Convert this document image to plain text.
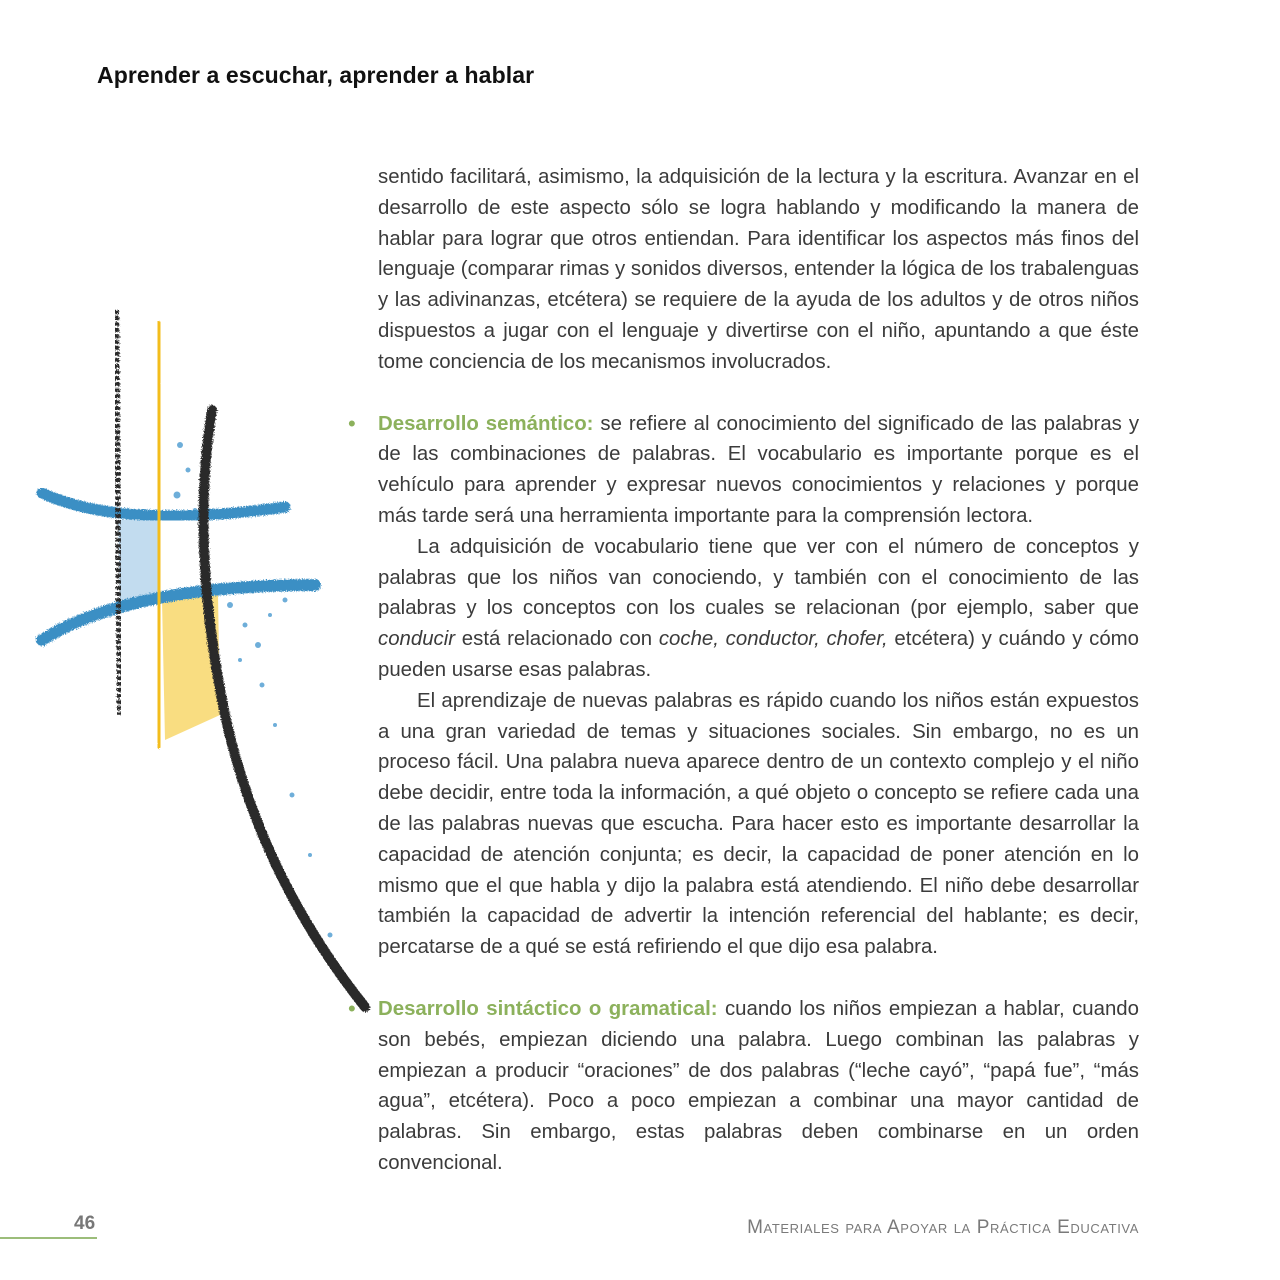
Aprender a escuchar, aprender a hablar

sentido facilitará, asimismo, la adquisición de la lectura y la escritura. Avanzar en el desarrollo de este aspecto sólo se logra hablando y modificando la manera de hablar para lograr que otros entiendan. Para identificar los aspectos más finos del lenguaje (comparar rimas y sonidos diversos, entender la lógica de los trabalenguas y las adivinanzas, etcétera) se requiere de la ayuda de los adultos y de otros niños dispuestos a jugar con el lenguaje y divertirse con el niño, apuntando a que éste tome conciencia de los mecanismos involucrados.

• Desarrollo semántico: se refiere al conocimiento del significado de las palabras y de las combinaciones de palabras. El vocabulario es importante porque es el vehículo para aprender y expresar nuevos conocimientos y relaciones y porque más tarde será una herramienta importante para la comprensión lectora.

La adquisición de vocabulario tiene que ver con el número de conceptos y palabras que los niños van conociendo, y también con el conocimiento de las palabras y los conceptos con los cuales se relacionan (por ejemplo, saber que conducir está relacionado con coche, conductor, chofer, etcétera) y cuándo y cómo pueden usarse esas palabras.

El aprendizaje de nuevas palabras es rápido cuando los niños están expuestos a una gran variedad de temas y situaciones sociales. Sin embargo, no es un proceso fácil. Una palabra nueva aparece dentro de un contexto complejo y el niño debe decidir, entre toda la información, a qué objeto o concepto se refiere cada una de las palabras nuevas que escucha. Para hacer esto es importante desarrollar la capacidad de atención conjunta; es decir, la capacidad de poner atención en lo mismo que el que habla y dijo la palabra está atendiendo. El niño debe desarrollar también la capacidad de advertir la intención referencial del hablante; es decir, percatarse de a qué se está refiriendo el que dijo esa palabra.

• Desarrollo sintáctico o gramatical: cuando los niños empiezan a hablar, cuando son bebés, empiezan diciendo una palabra. Luego combinan las palabras y empiezan a producir “oraciones” de dos palabras (“leche cayó”, “papá fue”, “más agua”, etcétera). Poco a poco empiezan a combinar una mayor cantidad de palabras. Sin embargo, estas palabras deben combinarse en un orden convencional.

46	Materiales para Apoyar la Práctica Educativa
